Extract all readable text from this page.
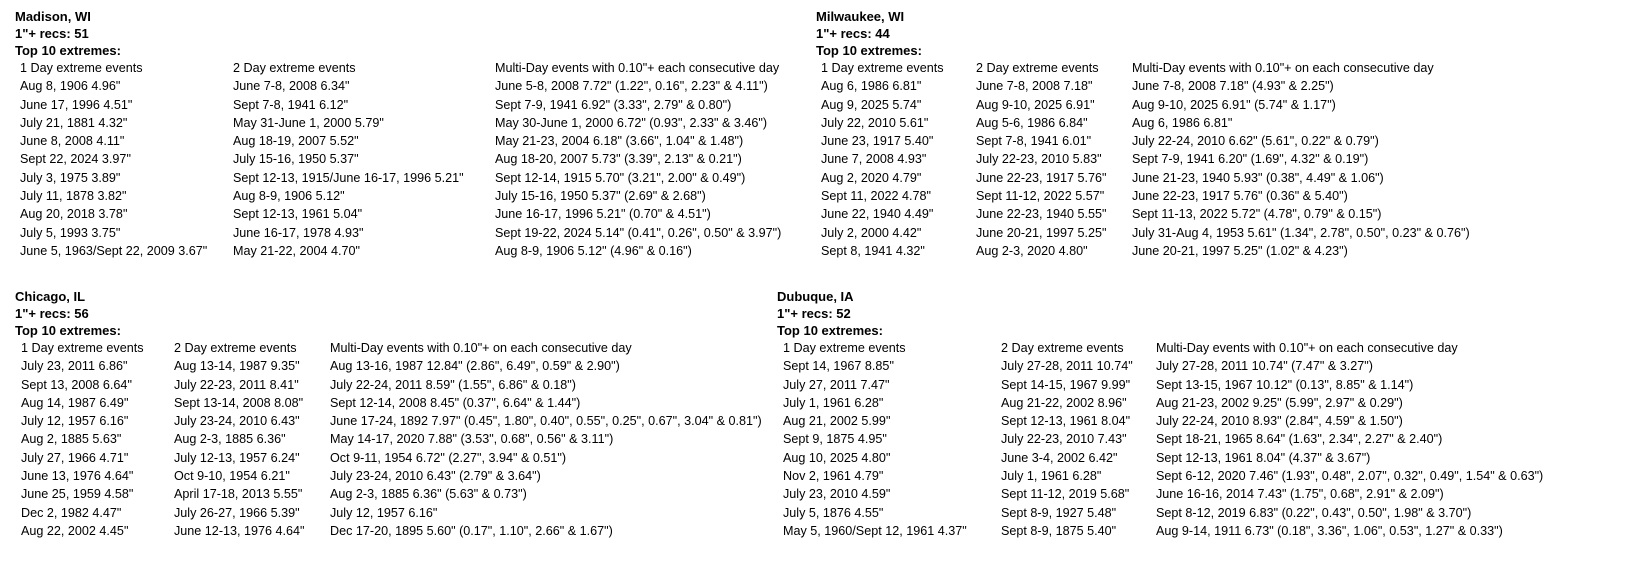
Madison, WI
1"+ recs: 51
Top 10 extremes:
1 Day extreme events
Aug 8, 1906 4.96"
June 17, 1996 4.51"
July 21, 1881 4.32"
June 8, 2008 4.11"
Sept 22, 2024 3.97"
July 3, 1975 3.89"
July 11, 1878 3.82"
Aug 20, 2018 3.78"
July 5, 1993 3.75"
June 5, 1963/Sept 22, 2009 3.67"
2 Day extreme events
June 7-8, 2008 6.34"
Sept 7-8, 1941 6.12"
May 31-June 1, 2000 5.79"
Aug 18-19, 2007 5.52"
July 15-16, 1950 5.37"
Sept 12-13, 1915/June 16-17, 1996 5.21"
Aug 8-9, 1906 5.12"
Sept 12-13, 1961 5.04"
June 16-17, 1978 4.93"
May 21-22, 2004 4.70"
Multi-Day events with 0.10"+ each consecutive day
June 5-8, 2008 7.72" (1.22", 0.16", 2.23" & 4.11")
Sept 7-9, 1941 6.92" (3.33", 2.79" & 0.80")
May 30-June 1, 2000 6.72" (0.93", 2.33" & 3.46")
May 21-23, 2004 6.18" (3.66", 1.04" & 1.48")
Aug 18-20, 2007 5.73" (3.39", 2.13" & 0.21")
Sept 12-14, 1915 5.70" (3.21", 2.00" & 0.49")
July 15-16, 1950 5.37" (2.69" & 2.68")
June 16-17, 1996 5.21" (0.70" & 4.51")
Sept 19-22, 2024 5.14" (0.41", 0.26", 0.50" & 3.97")
Aug 8-9, 1906 5.12" (4.96" & 0.16")
Milwaukee, WI
1"+ recs: 44
Top 10 extremes:
1 Day extreme events
Aug 6, 1986 6.81"
Aug 9, 2025 5.74"
July 22, 2010 5.61"
June 23, 1917 5.40"
June 7, 2008 4.93"
Aug 2, 2020 4.79"
Sept 11, 2022 4.78"
June 22, 1940 4.49"
July 2, 2000 4.42"
Sept 8, 1941 4.32"
2 Day extreme events
June 7-8, 2008 7.18"
Aug 9-10, 2025 6.91"
Aug 5-6, 1986 6.84"
Sept 7-8, 1941 6.01"
July 22-23, 2010 5.83"
June 22-23, 1917 5.76"
Sept 11-12, 2022 5.57"
June 22-23, 1940 5.55"
June 20-21, 1997 5.25"
Aug 2-3, 2020 4.80"
Multi-Day events with 0.10"+ on each consecutive day
June 7-8, 2008 7.18" (4.93" & 2.25")
Aug 9-10, 2025 6.91" (5.74" & 1.17")
Aug 6, 1986 6.81"
July 22-24, 2010 6.62" (5.61", 0.22" & 0.79")
Sept 7-9, 1941 6.20" (1.69", 4.32" & 0.19")
June 21-23, 1940 5.93" (0.38", 4.49" & 1.06")
June 22-23, 1917 5.76" (0.36" & 5.40")
Sept 11-13, 2022 5.72" (4.78", 0.79" & 0.15")
July 31-Aug 4, 1953 5.61" (1.34", 2.78", 0.50", 0.23" & 0.76")
June 20-21, 1997 5.25" (1.02" & 4.23")
Chicago, IL
1"+ recs: 56
Top 10 extremes:
1 Day extreme events
July 23, 2011 6.86"
Sept 13, 2008 6.64"
Aug 14, 1987 6.49"
July 12, 1957 6.16"
Aug 2, 1885 5.63"
July 27, 1966 4.71"
June 13, 1976 4.64"
June 25, 1959 4.58"
Dec 2, 1982 4.47"
Aug 22, 2002 4.45"
2 Day extreme events
Aug 13-14, 1987 9.35"
July 22-23, 2011 8.41"
Sept 13-14, 2008 8.08"
July 23-24, 2010 6.43"
Aug 2-3, 1885 6.36"
July 12-13, 1957 6.24"
Oct 9-10, 1954 6.21"
April 17-18, 2013 5.55"
July 26-27, 1966 5.39"
June 12-13, 1976 4.64"
Multi-Day events with 0.10"+ on each consecutive day
Aug 13-16, 1987 12.84" (2.86", 6.49", 0.59" & 2.90")
July 22-24, 2011 8.59" (1.55", 6.86" & 0.18")
Sept 12-14, 2008 8.45" (0.37", 6.64" & 1.44")
June 17-24, 1892 7.97" (0.45", 1.80", 0.40", 0.55", 0.25", 0.67", 3.04" & 0.81")
May 14-17, 2020 7.88" (3.53", 0.68", 0.56" & 3.11")
Oct 9-11, 1954 6.72" (2.27", 3.94" & 0.51")
July 23-24, 2010 6.43" (2.79" & 3.64")
Aug 2-3, 1885 6.36" (5.63" & 0.73")
July 12, 1957 6.16"
Dec 17-20, 1895 5.60" (0.17", 1.10", 2.66" & 1.67")
Dubuque, IA
1"+ recs: 52
Top 10 extremes:
1 Day extreme events
Sept 14, 1967 8.85"
July 27, 2011 7.47"
July 1, 1961 6.28"
Aug 21, 2002 5.99"
Sept 9, 1875 4.95"
Aug 10, 2025 4.80"
Nov 2, 1961 4.79"
July 23, 2010 4.59"
July 5, 1876 4.55"
May 5, 1960/Sept 12, 1961 4.37"
2 Day extreme events
July 27-28, 2011 10.74"
Sept 14-15, 1967 9.99"
Aug 21-22, 2002 8.96"
Sept 12-13, 1961 8.04"
July 22-23, 2010 7.43"
June 3-4, 2002 6.42"
July 1, 1961 6.28"
Sept 11-12, 2019 5.68"
Sept 8-9, 1927 5.48"
Sept 8-9, 1875 5.40"
Multi-Day events with 0.10"+ on each consecutive day
July 27-28, 2011 10.74" (7.47" & 3.27")
Sept 13-15, 1967 10.12" (0.13", 8.85" & 1.14")
Aug 21-23, 2002 9.25" (5.99", 2.97" & 0.29")
July 22-24, 2010 8.93" (2.84", 4.59" & 1.50")
Sept 18-21, 1965 8.64" (1.63", 2.34", 2.27" & 2.40")
Sept 12-13, 1961 8.04" (4.37" & 3.67")
Sept 6-12, 2020 7.46" (1.93", 0.48", 2.07", 0.32", 0.49", 1.54" & 0.63")
June 16-16, 2014 7.43" (1.75", 0.68", 2.91" & 2.09")
Sept 8-12, 2019 6.83" (0.22", 0.43", 0.50", 1.98" & 3.70")
Aug 9-14, 1911 6.73" (0.18", 3.36", 1.06", 0.53", 1.27" & 0.33")
